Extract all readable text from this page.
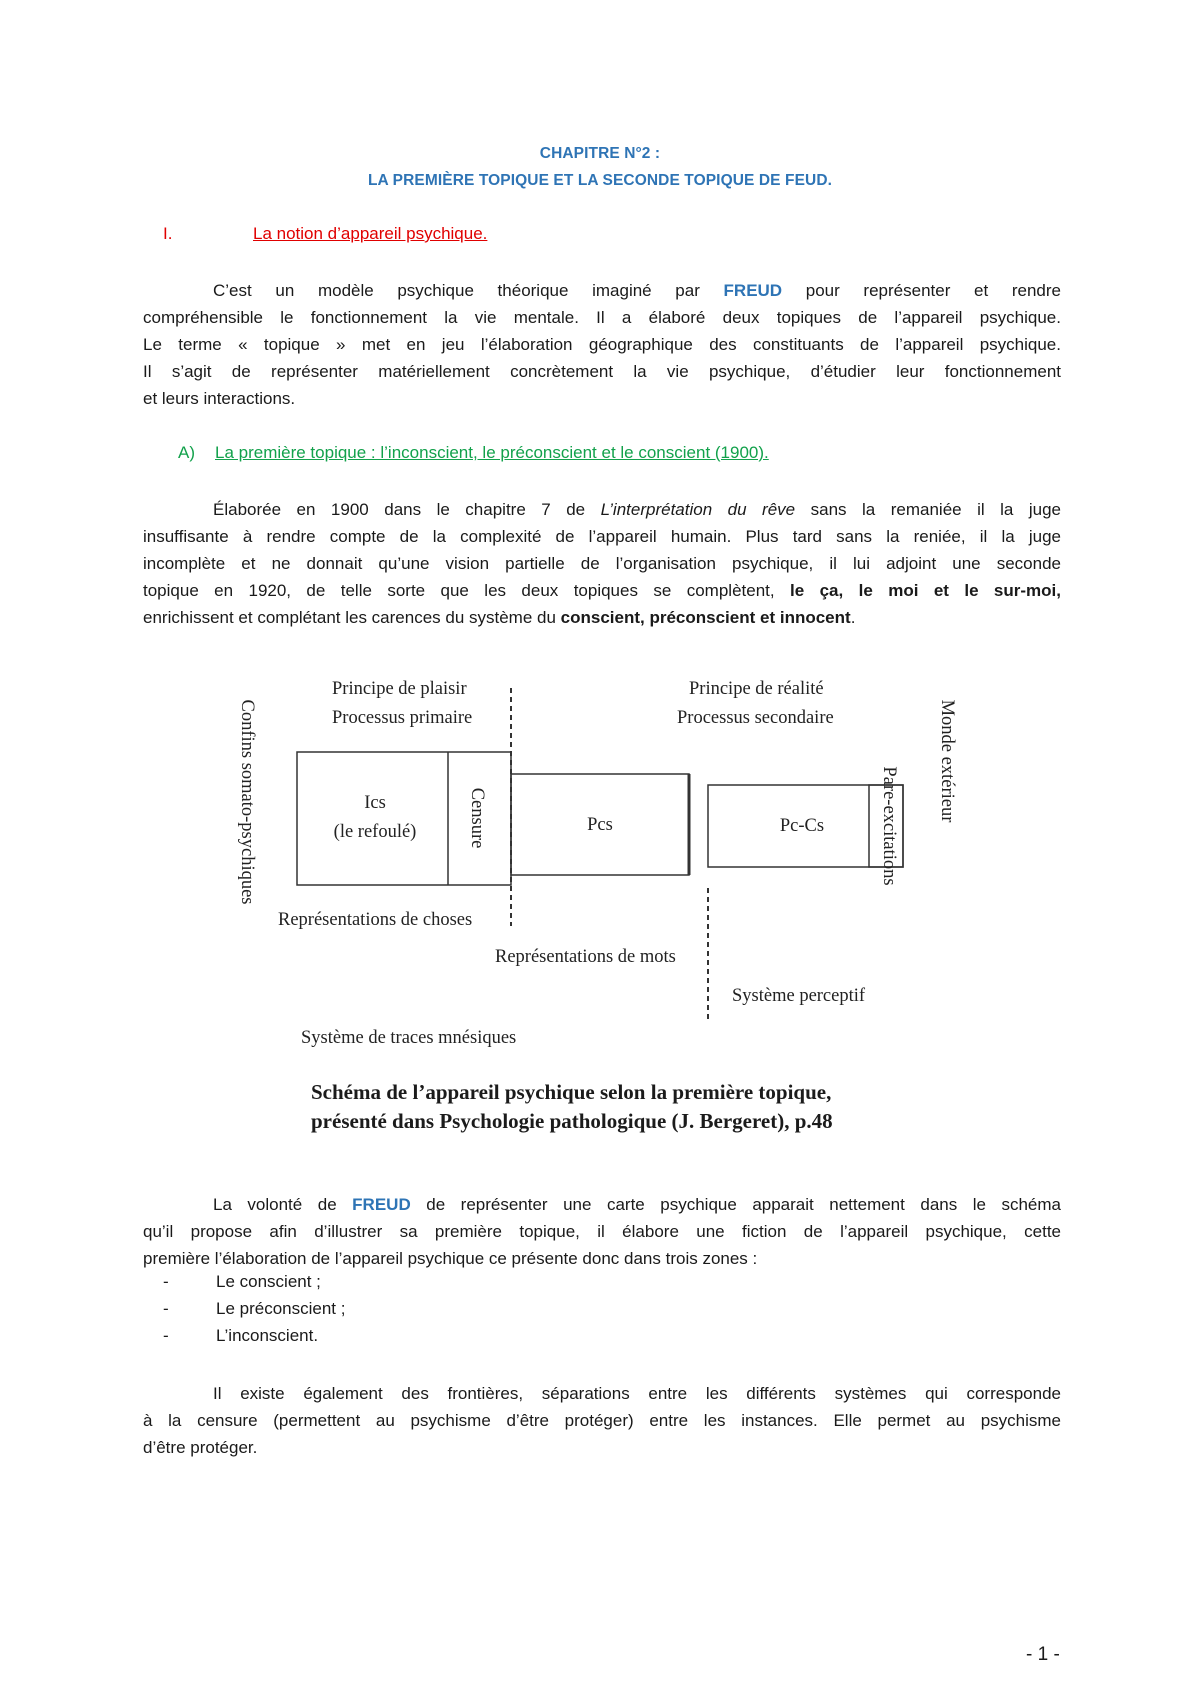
CHAPITRE N°2 :
LA PREMIÈRE TOPIQUE ET LA SECONDE TOPIQUE DE FEUD.
I.	La notion d’appareil psychique.
C’est un modèle psychique théorique imaginé par FREUD pour représenter et rendre
compréhensible le fonctionnement la vie mentale. Il a élaboré deux topiques de l’appareil psychique.
Le terme « topique » met en jeu l’élaboration géographique des constituants de l’appareil psychique.
Il s’agit de représenter matériellement concrètement la vie psychique, d’étudier leur fonctionnement
et leurs interactions.
A) La première topique : l’inconscient, le préconscient et le conscient (1900).
Élaborée en 1900 dans le chapitre 7 de L’interprétation du rêve sans la remaniée il la juge
insuffisante à rendre compte de la complexité de l’appareil humain. Plus tard sans la reniée, il la juge
incomplète et ne donnait qu’une vision partielle de l’organisation psychique, il lui adjoint une seconde
topique en 1920, de telle sorte que les deux topiques se complètent, le ça, le moi et le sur-moi,
enrichissent et complétant les carences du système du conscient, préconscient et innocent.
Principe de plaisir
Processus primaire
Principe de réalité
Processus secondaire
Ics
(le refoulé)	Censure	Pcs	Pc-Cs	Pare-excitations
Confins somato-psychiques	Monde extérieur
Représentations de choses
Représentations de mots
Système perceptif
Système de traces mnésiques
Schéma de l’appareil psychique selon la première topique,
présenté dans Psychologie pathologique (J. Bergeret), p.48
La volonté de FREUD de représenter une carte psychique apparait nettement dans le schéma
qu’il propose afin d’illustrer sa première topique, il élabore une fiction de l’appareil psychique, cette
première l’élaboration de l’appareil psychique ce présente donc dans trois zones :
-	Le conscient ;
-	Le préconscient ;
-	L’inconscient.
Il existe également des frontières, séparations entre les différents systèmes qui corresponde
à la censure (permettent au psychisme d’être protéger) entre les instances. Elle permet au psychisme
d’être protéger.
- 1 -
